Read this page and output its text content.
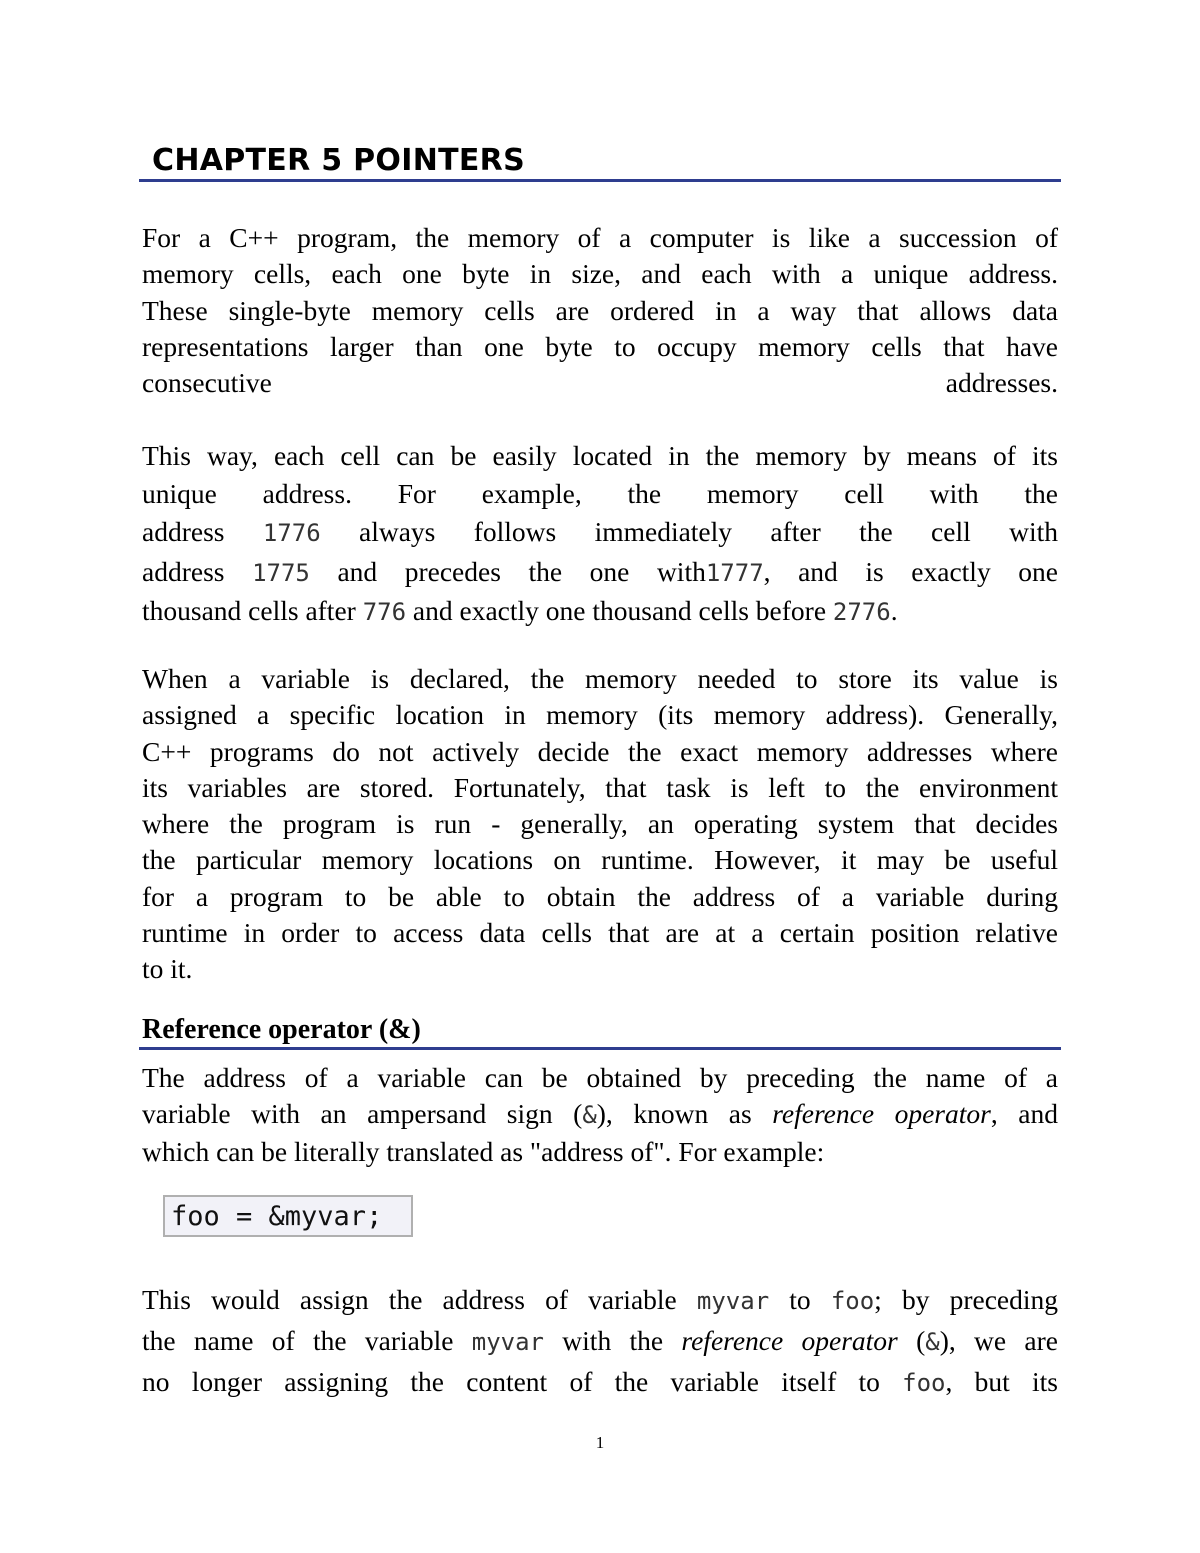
CHAPTER 5 POINTERS

For a C++ program, the memory of a computer is like a succession of
memory cells, each one byte in size, and each with a unique address.
These single-byte memory cells are ordered in a way that allows data
representations larger than one byte to occupy memory cells that have
consecutive addresses.

This way, each cell can be easily located in the memory by means of its
unique address. For example, the memory cell with the
address 1776 always follows immediately after the cell with
address 1775 and precedes the one with1777, and is exactly one
thousand cells after 776 and exactly one thousand cells before 2776.

When a variable is declared, the memory needed to store its value is
assigned a specific location in memory (its memory address). Generally,
C++ programs do not actively decide the exact memory addresses where
its variables are stored. Fortunately, that task is left to the environment
where the program is run - generally, an operating system that decides
the particular memory locations on runtime. However, it may be useful
for a program to be able to obtain the address of a variable during
runtime in order to access data cells that are at a certain position relative
to it.

Reference operator (&)

The address of a variable can be obtained by preceding the name of a
variable with an ampersand sign (&), known as reference operator, and
which can be literally translated as "address of". For example:

foo = &myvar;

This would assign the address of variable myvar to foo; by preceding
the name of the variable myvar with the reference operator (&), we are
no longer assigning the content of the variable itself to foo, but its

1
